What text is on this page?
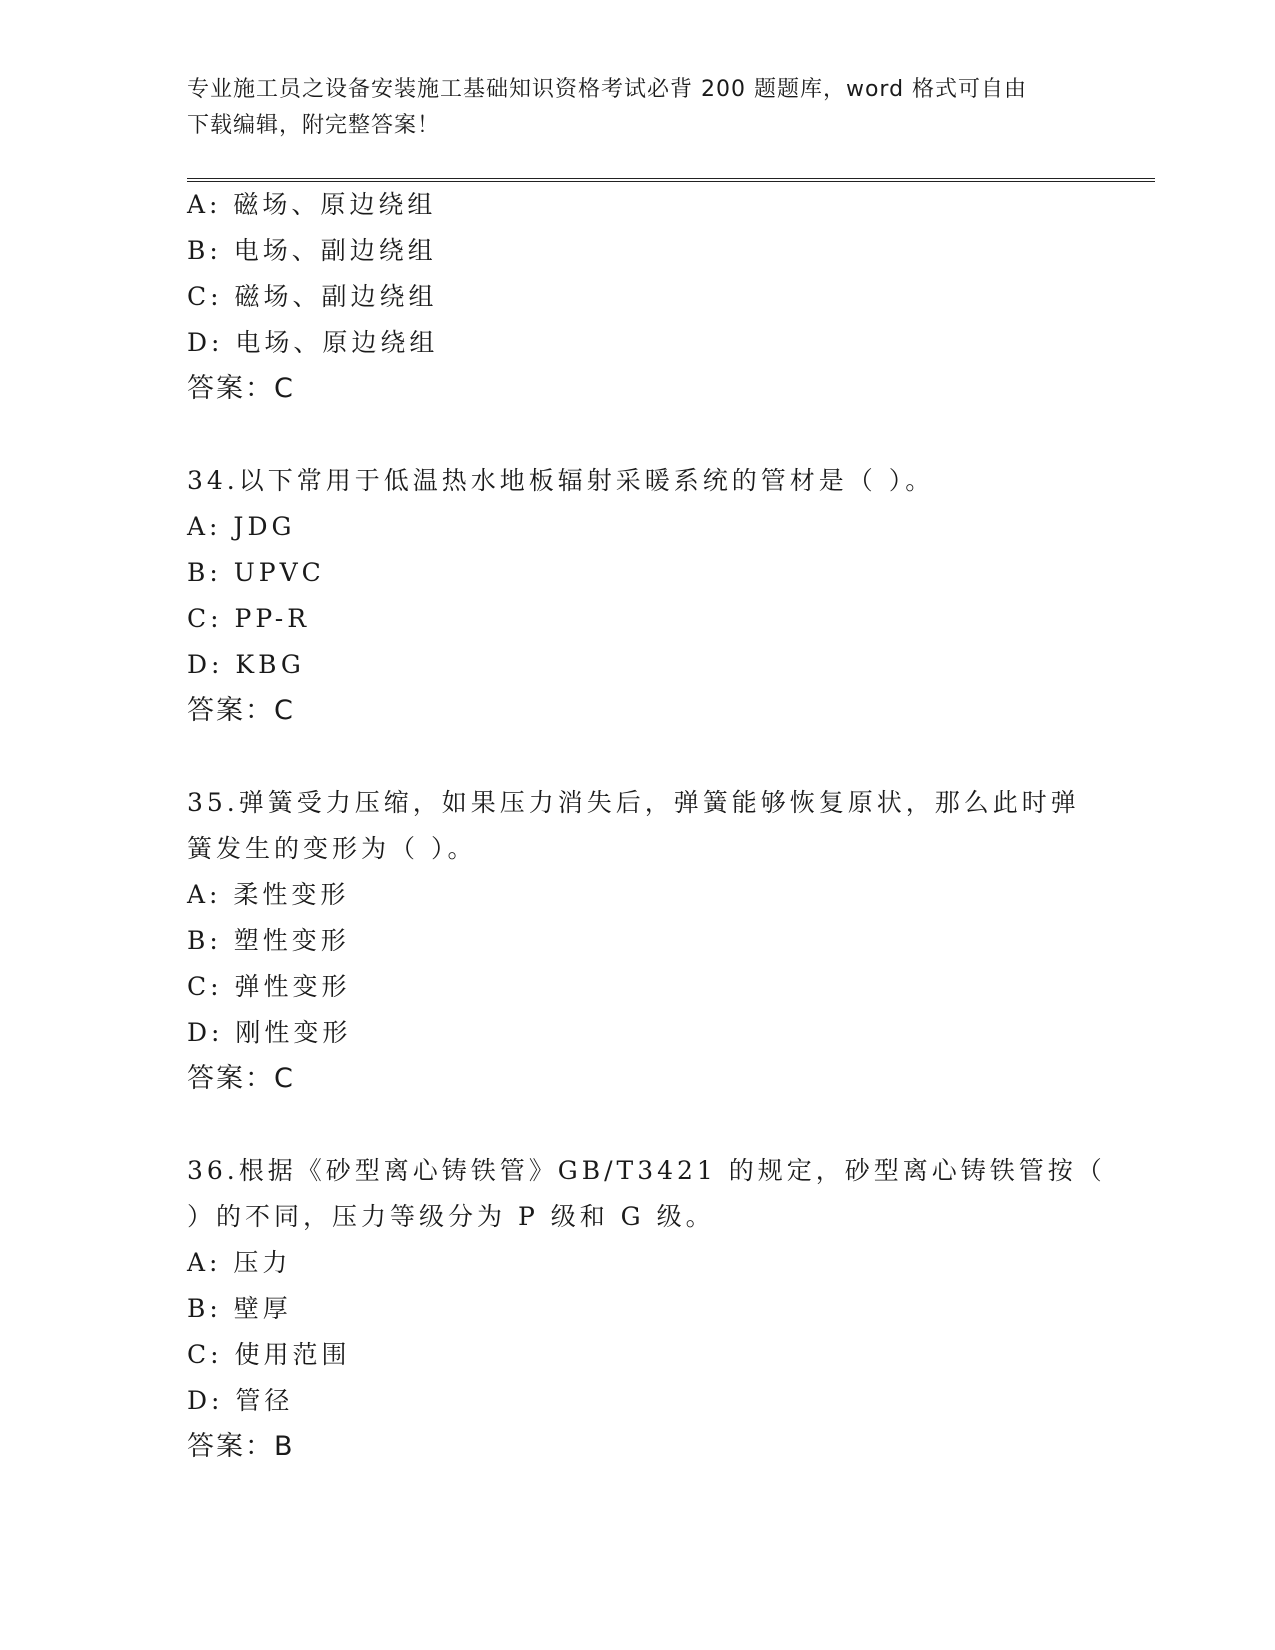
专业施工员之设备安装施工基础知识资格考试必背 200 题题库，word 格式可自由
下载编辑，附完整答案！
A: 磁场、原边绕组
B: 电场、副边绕组
C: 磁场、副边绕组
D: 电场、原边绕组
答案：C
34.以下常用于低温热水地板辐射采暖系统的管材是（ ）。
A: JDG
B: UPVC
C: PP-R
D: KBG
答案：C
35.弹簧受力压缩，如果压力消失后，弹簧能够恢复原状，那么此时弹
簧发生的变形为（ ）。
A: 柔性变形
B: 塑性变形
C: 弹性变形
D: 刚性变形
答案：C
36.根据《砂型离心铸铁管》GB/T3421 的规定，砂型离心铸铁管按（
）的不同，压力等级分为 P 级和 G 级。
A: 压力
B: 壁厚
C: 使用范围
D: 管径
答案：B
